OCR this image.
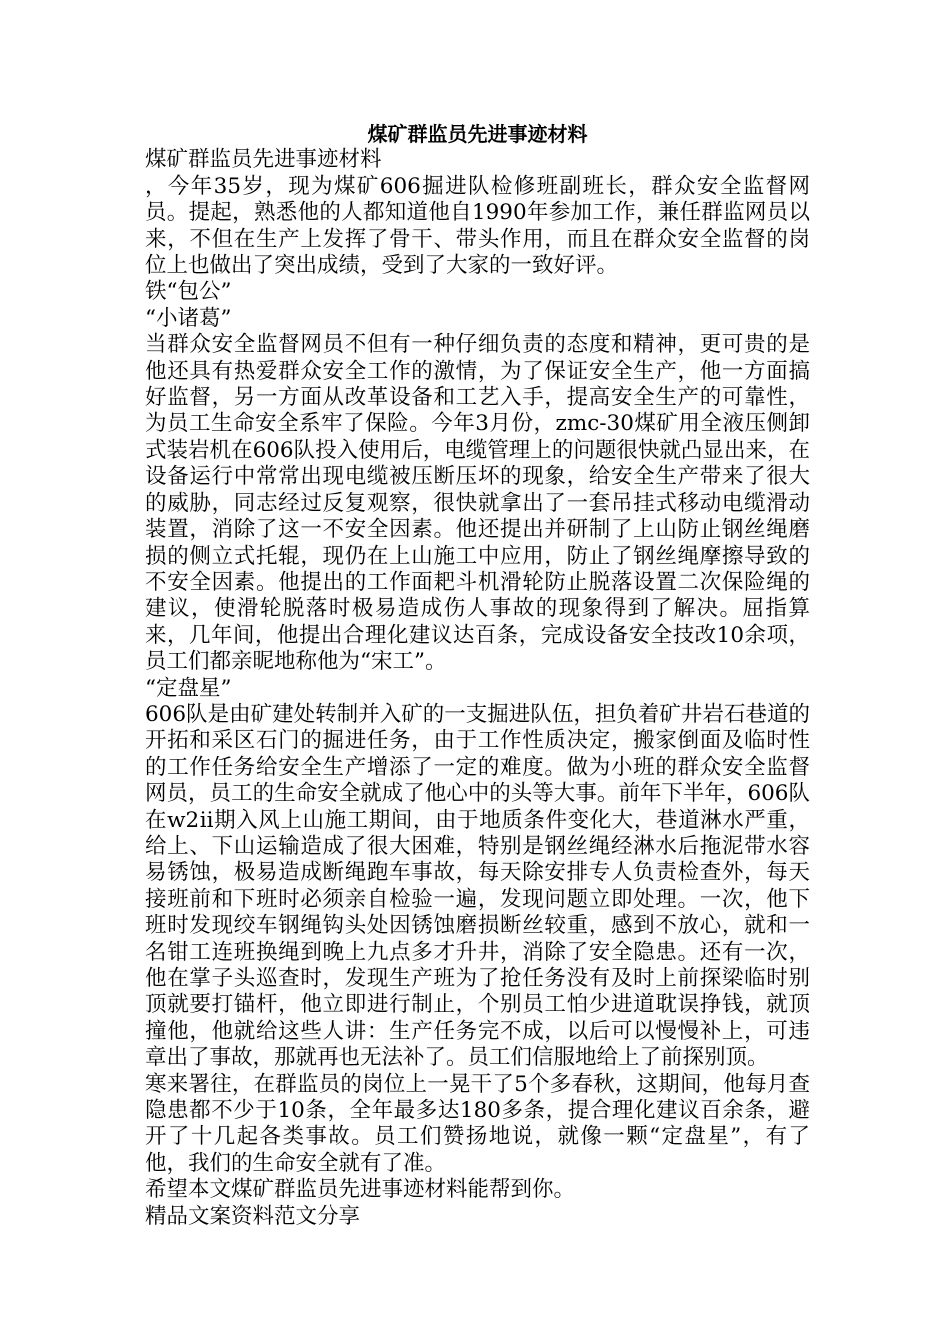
煤矿群监员先进事迹材料

煤矿群监员先进事迹材料

，今年35岁，现为煤矿606掘进队检修班副班长，群众安全监督网员。提起，熟悉他的人都知道他自1990年参加工作，兼任群监网员以来，不但在生产上发挥了骨干、带头作用，而且在群众安全监督的岗位上也做出了突出成绩，受到了大家的一致好评。

铁“包公”

“小诸葛”

当群众安全监督网员不但有一种仔细负责的态度和精神，更可贵的是他还具有热爱群众安全工作的激情，为了保证安全生产，他一方面搞好监督，另一方面从改革设备和工艺入手，提高安全生产的可靠性，为员工生命安全系牢了保险。今年3月份，zmc-30煤矿用全液压侧卸式装岩机在606队投入使用后，电缆管理上的问题很快就凸显出来，在设备运行中常常出现电缆被压断压坏的现象，给安全生产带来了很大的威胁，同志经过反复观察，很快就拿出了一套吊挂式移动电缆滑动装置，消除了这一不安全因素。他还提出并研制了上山防止钢丝绳磨损的侧立式托辊，现仍在上山施工中应用，防止了钢丝绳摩擦导致的不安全因素。他提出的工作面耙斗机滑轮防止脱落设置二次保险绳的建议，使滑轮脱落时极易造成伤人事故的现象得到了解决。屈指算来，几年间，他提出合理化建议达百条，完成设备安全技改10余项，员工们都亲昵地称他为“宋工”。

“定盘星”

606队是由矿建处转制并入矿的一支掘进队伍，担负着矿井岩石巷道的开拓和采区石门的掘进任务，由于工作性质决定，搬家倒面及临时性的工作任务给安全生产增添了一定的难度。做为小班的群众安全监督网员，员工的生命安全就成了他心中的头等大事。前年下半年，606队在w2ⅱ期入风上山施工期间，由于地质条件变化大，巷道淋水严重，给上、下山运输造成了很大困难，特别是钢丝绳经淋水后拖泥带水容易锈蚀，极易造成断绳跑车事故，每天除安排专人负责检查外，每天接班前和下班时必须亲自检验一遍，发现问题立即处理。一次，他下班时发现绞车钢绳钩头处因锈蚀磨损断丝较重，感到不放心，就和一名钳工连班换绳到晚上九点多才升井，消除了安全隐患。还有一次，他在掌子头巡查时，发现生产班为了抢任务没有及时上前探梁临时别顶就要打锚杆，他立即进行制止，个别员工怕少进道耽误挣钱，就顶撞他，他就给这些人讲：生产任务完不成，以后可以慢慢补上，可违章出了事故，那就再也无法补了。员工们信服地给上了前探别顶。

寒来署往，在群监员的岗位上一晃干了5个多春秋，这期间，他每月查隐患都不少于10条，全年最多达180多条，提合理化建议百余条，避开了十几起各类事故。员工们赞扬地说，就像一颗“定盘星”，有了他，我们的生命安全就有了准。

希望本文煤矿群监员先进事迹材料能帮到你。

精品文案资料范文分享
